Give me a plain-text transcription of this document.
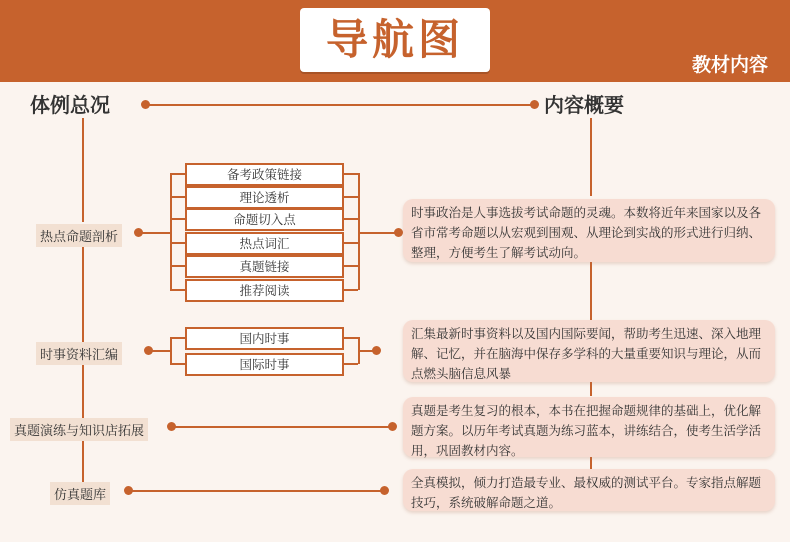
导航图
教材内容
体例总况	内容概要
热点命题剖析
备考政策链接
理论透析
命题切入点
热点词汇
真题链接
推荐阅读
时事政治是人事选拔考试命题的灵魂。本数将近年来国家以及各省市常考命题以从宏观到围观、从理论到实战的形式进行归纳、整理，方便考生了解考试动向。
时事资料汇编
国内时事
国际时事
汇集最新时事资料以及国内国际要闻，帮助考生迅速、深入地理解、记忆，并在脑海中保存多学科的大量重要知识与理论，从而点燃头脑信息风暴
真题演练与知识店拓展
真题是考生复习的根本，本书在把握命题规律的基础上，优化解题方案。以历年考试真题为练习蓝本，讲练结合，使考生活学活用，巩固教材内容。
仿真题库
全真模拟，倾力打造最专业、最权威的测试平台。专家指点解题技巧，系统破解命题之道。
